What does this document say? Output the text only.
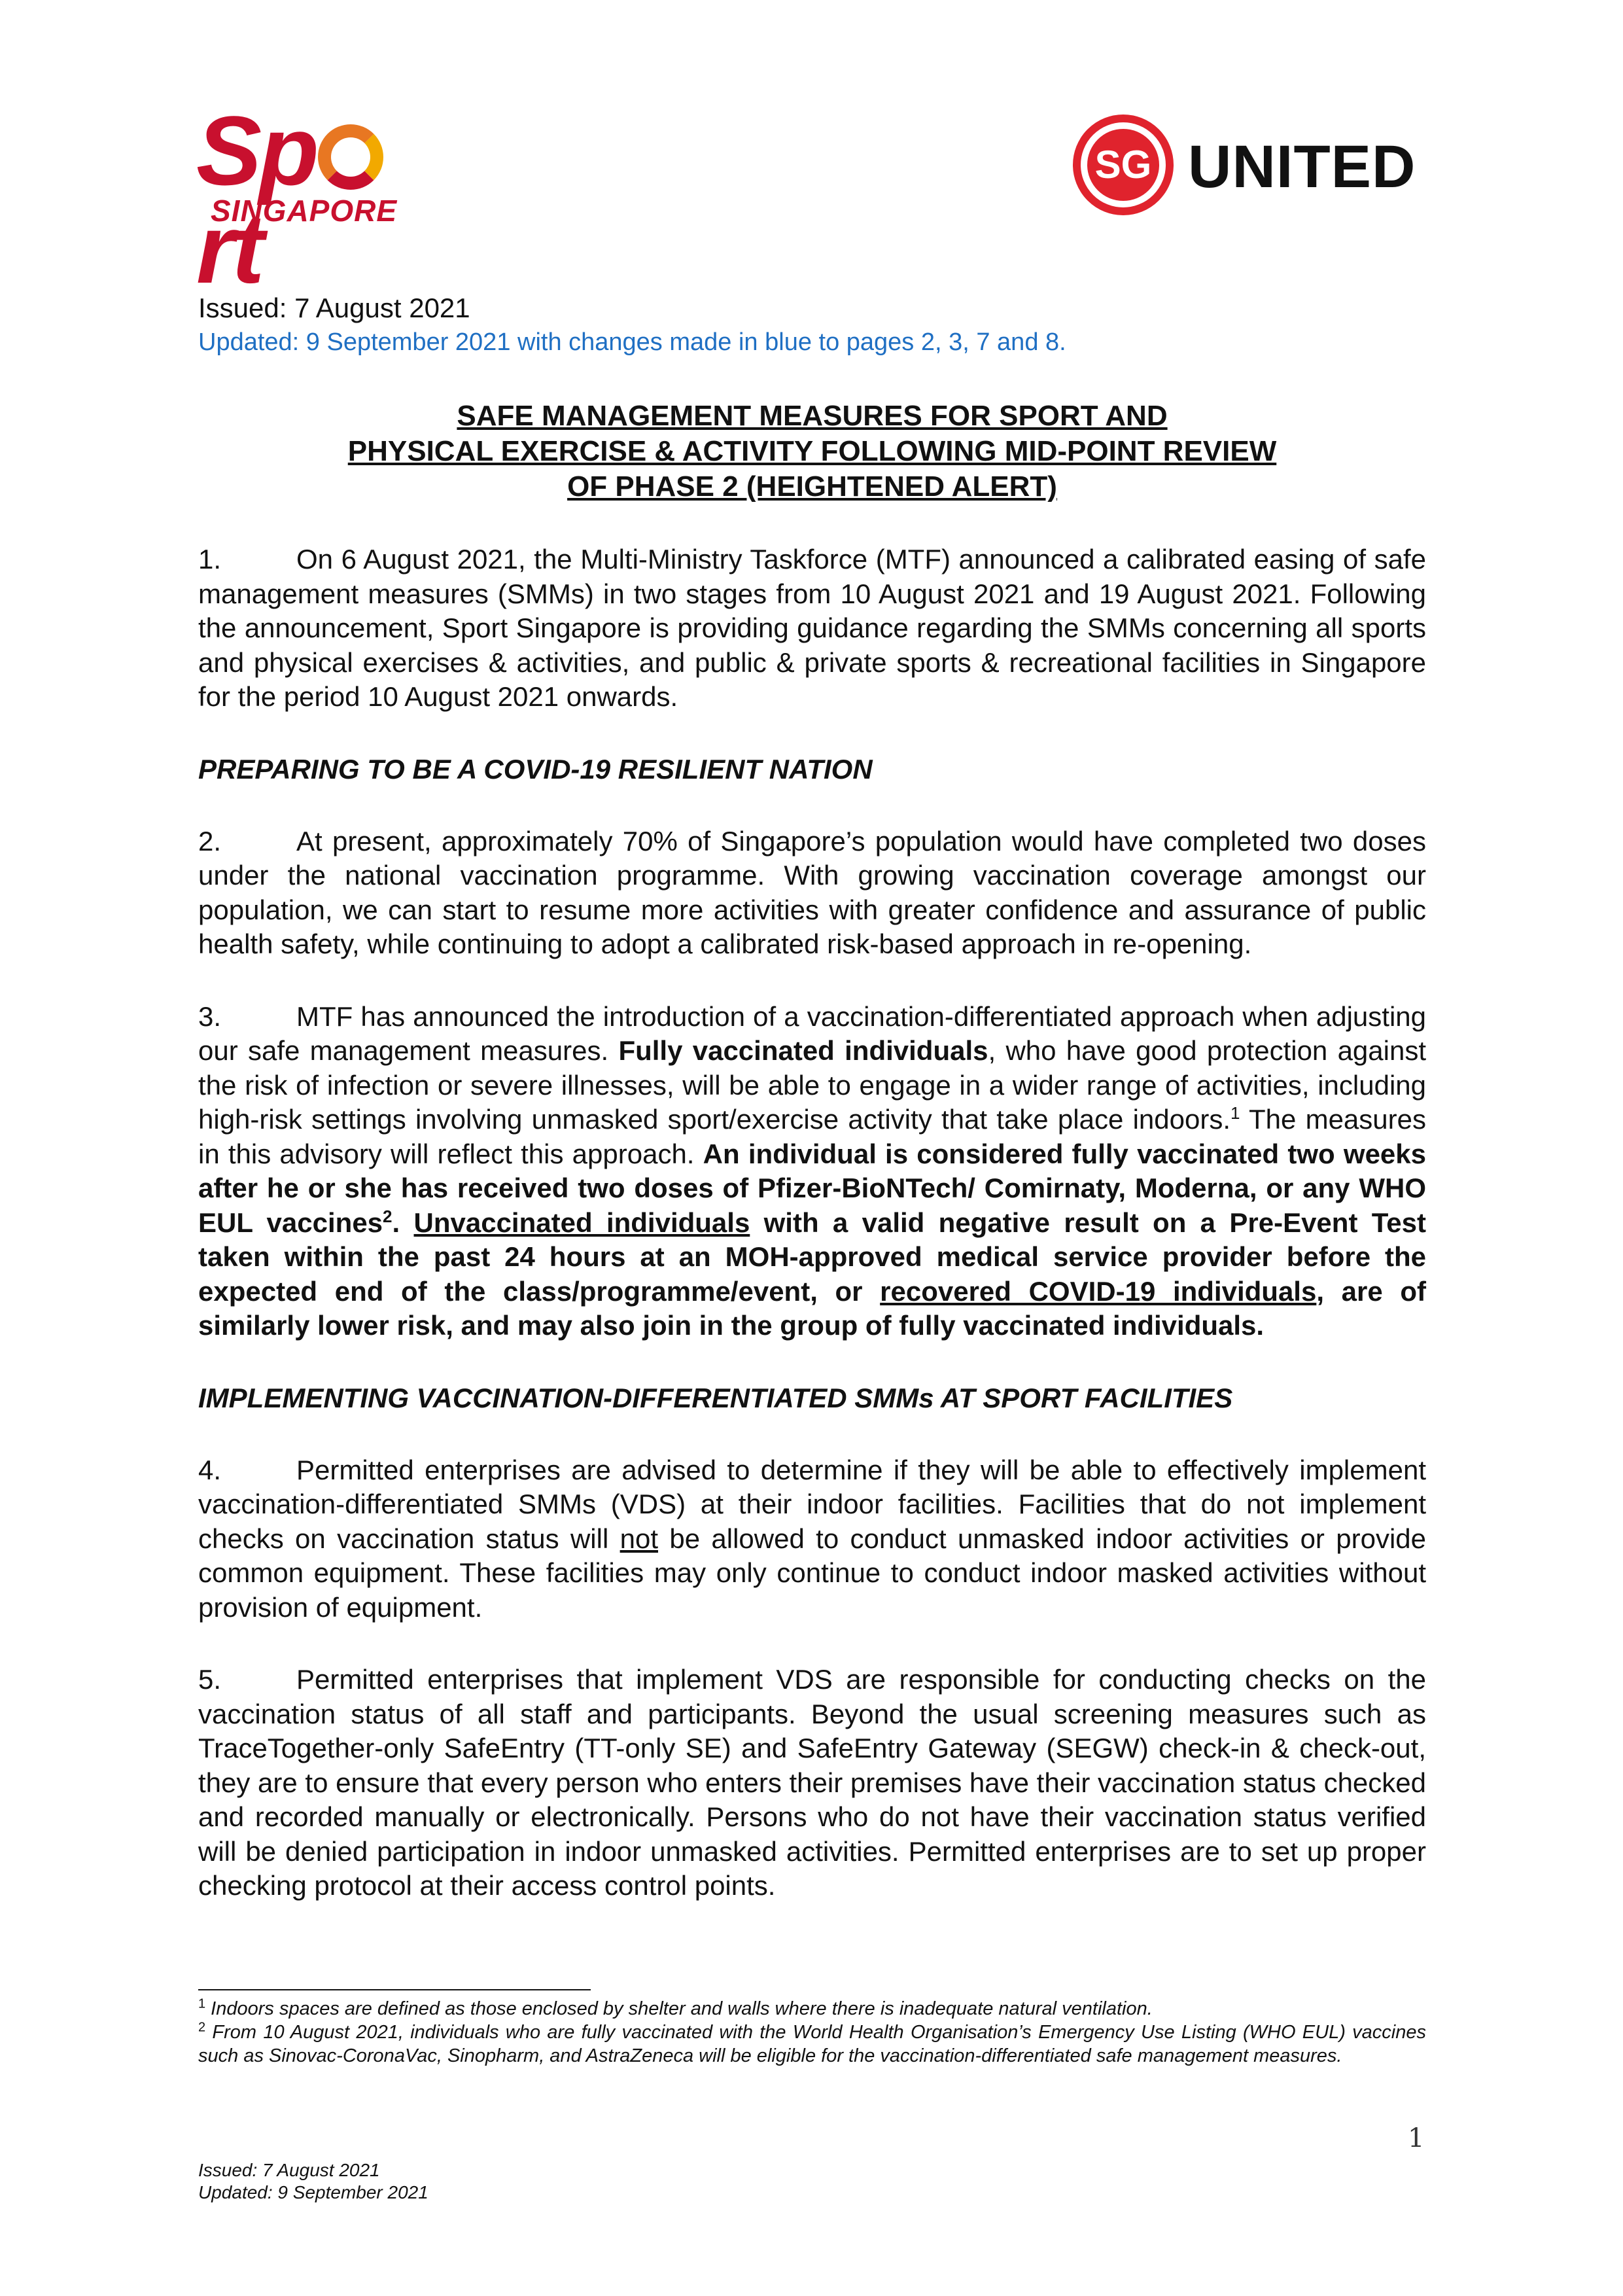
Sprt
SINGAPORE
SG UNITED

Issued: 7 August 2021

Updated: 9 September 2021 with changes made in blue to pages 2, 3, 7 and 8.

SAFE MANAGEMENT MEASURES FOR SPORT AND
PHYSICAL EXERCISE & ACTIVITY FOLLOWING MID-POINT REVIEW
OF PHASE 2 (HEIGHTENED ALERT)

1.	On 6 August 2021, the Multi-Ministry Taskforce (MTF) announced a calibrated easing of safe management measures (SMMs) in two stages from 10 August 2021 and 19 August 2021. Following the announcement, Sport Singapore is providing guidance regarding the SMMs concerning all sports and physical exercises & activities, and public & private sports & recreational facilities in Singapore for the period 10 August 2021 onwards.

PREPARING TO BE A COVID-19 RESILIENT NATION

2.	At present, approximately 70% of Singapore’s population would have completed two doses under the national vaccination programme. With growing vaccination coverage amongst our population, we can start to resume more activities with greater confidence and assurance of public health safety, while continuing to adopt a calibrated risk-based approach in re-opening.

3.	MTF has announced the introduction of a vaccination-differentiated approach when adjusting our safe management measures. Fully vaccinated individuals, who have good protection against the risk of infection or severe illnesses, will be able to engage in a wider range of activities, including high-risk settings involving unmasked sport/exercise activity that take place indoors.$^1$ The measures in this advisory will reflect this approach. An individual is considered fully vaccinated two weeks after he or she has received two doses of Pfizer-BioNTech/ Comirnaty, Moderna, or any WHO EUL vaccines$^2$. Unvaccinated individuals with a valid negative result on a Pre-Event Test taken within the past 24 hours at an MOH-approved medical service provider before the expected end of the class/programme/event, or recovered COVID-19 individuals, are of similarly lower risk, and may also join in the group of fully vaccinated individuals.

IMPLEMENTING VACCINATION-DIFFERENTIATED SMMs AT SPORT FACILITIES

4.	Permitted enterprises are advised to determine if they will be able to effectively implement vaccination-differentiated SMMs (VDS) at their indoor facilities. Facilities that do not implement checks on vaccination status will not be allowed to conduct unmasked indoor activities or provide common equipment. These facilities may only continue to conduct indoor masked activities without provision of equipment.

5.	Permitted enterprises that implement VDS are responsible for conducting checks on the vaccination status of all staff and participants. Beyond the usual screening measures such as TraceTogether-only SafeEntry (TT-only SE) and SafeEntry Gateway (SEGW) check-in & check-out, they are to ensure that every person who enters their premises have their vaccination status checked and recorded manually or electronically. Persons who do not have their vaccination status verified will be denied participation in indoor unmasked activities. Permitted enterprises are to set up proper checking protocol at their access control points.

$^1$ Indoors spaces are defined as those enclosed by shelter and walls where there is inadequate natural ventilation.

$^2$ From 10 August 2021, individuals who are fully vaccinated with the World Health Organisation’s Emergency Use Listing (WHO EUL) vaccines such as Sinovac-CoronaVac, Sinopharm, and AstraZeneca will be eligible for the vaccination-differentiated safe management measures.

1

Issued: 7 August 2021

Updated: 9 September 2021
